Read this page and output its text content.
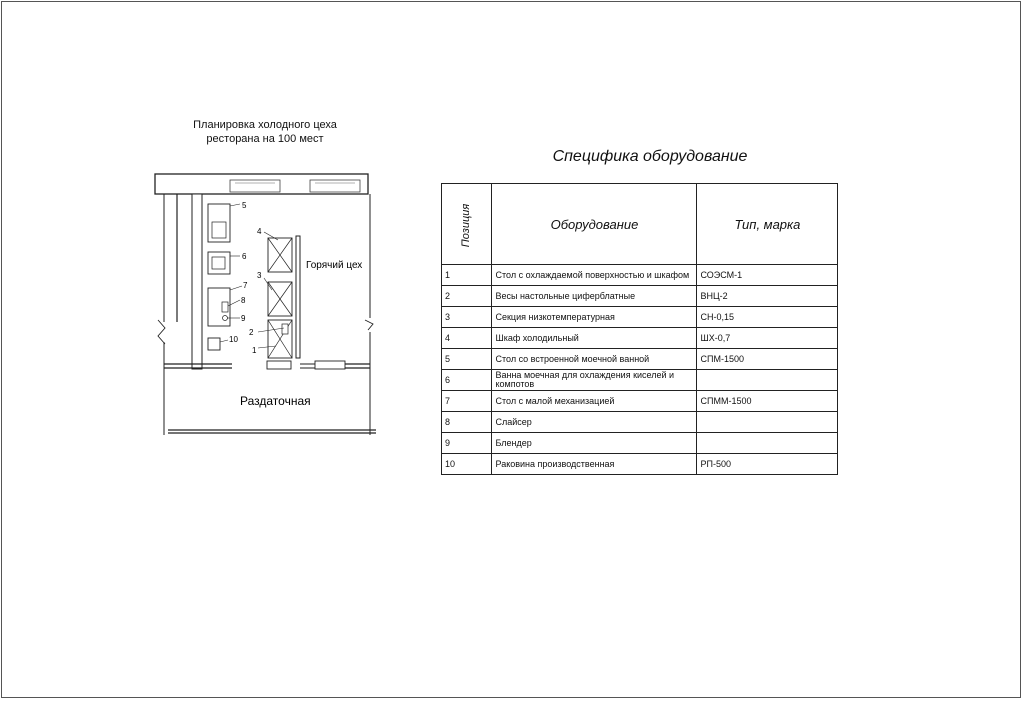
Планировка холодного цеха
ресторана на 100 мест
5
6
7
8
9
10
4
3
2
1
Горячий цех
Раздаточная
Специфика оборудование
Позиция	Оборудование	Тип, марка
1	Стол с охлаждаемой поверхностью и шкафом	СОЭСМ-1
2	Весы настольные циферблатные	ВНЦ-2
3	Секция низкотемпературная	СН-0,15
4	Шкаф холодильный	ШХ-0,7
5	Стол со встроенной моечной ванной	СПМ-1500
6	Ванна моечная для охлаждения киселей и компотов	
7	Стол с малой механизацией	СПММ-1500
8	Слайсер	
9	Блендер	
10	Раковина производственная	РП-500
